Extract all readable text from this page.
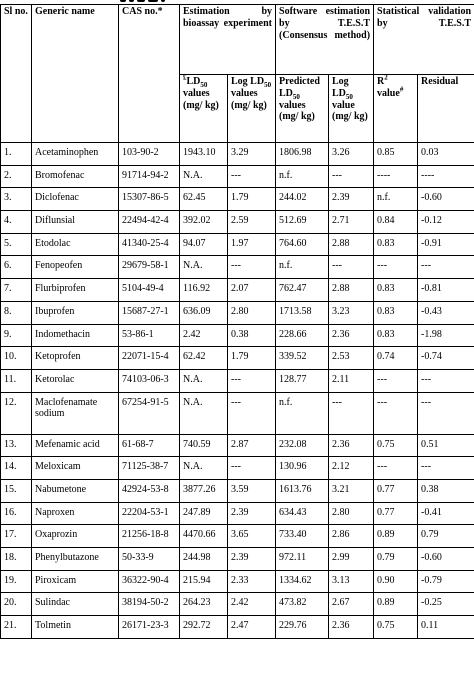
Sl no.	Generic name	CAS no.*	Estimation by bioassay experiment		Software estimation by T.E.S.T (Consensus method)		Statistical validation by T.E.S.T	
			$^£LD_{50}$ values (mg/ kg)	Log $LD_{50}$ values (mg/ kg)	Predicted $LD_{50}$ values (mg/ kg)	Log $LD_{50}$ value (mg/ kg)	$R^2$ value#	Residual
1.	Acetaminophen	103-90-2	1943.10	3.29	1806.98	3.26	0.85	0.03
2.	Bromofenac	91714-94-2	N.A.	---	n.f.	---	----	----
3.	Diclofenac	15307-86-5	62.45	1.79	244.02	2.39	n.f.	-0.60
4.	Diflunsial	22494-42-4	392.02	2.59	512.69	2.71	0.84	-0.12
5.	Etodolac	41340-25-4	94.07	1.97	764.60	2.88	0.83	-0.91
6.	Fenopeofen	29679-58-1	N.A.	---	n.f.	---	---	---
7.	Flurbiprofen	5104-49-4	116.92	2.07	762.47	2.88	0.83	-0.81
8.	Ibuprofen	15687-27-1	636.09	2.80	1713.58	3.23	0.83	-0.43
9.	Indomethacin	53-86-1	2.42	0.38	228.66	2.36	0.83	-1.98
10.	Ketoprofen	22071-15-4	62.42	1.79	339.52	2.53	0.74	-0.74
11.	Ketorolac	74103-06-3	N.A.	---	128.77	2.11	---	---
12.	Maclofenamate sodium	67254-91-5	N.A.	---	n.f.	---	---	---
13.	Mefenamic acid	61-68-7	740.59	2.87	232.08	2.36	0.75	0.51
14.	Meloxicam	71125-38-7	N.A.	---	130.96	2.12	---	---
15.	Nabumetone	42924-53-8	3877.26	3.59	1613.76	3.21	0.77	0.38
16.	Naproxen	22204-53-1	247.89	2.39	634.43	2.80	0.77	-0.41
17.	Oxaprozin	21256-18-8	4470.66	3.65	733.40	2.86	0.89	0.79
18.	Phenylbutazone	50-33-9	244.98	2.39	972.11	2.99	0.79	-0.60
19.	Piroxicam	36322-90-4	215.94	2.33	1334.62	3.13	0.90	-0.79
20.	Sulindac	38194-50-2	264.23	2.42	473.82	2.67	0.89	-0.25
21.	Tolmetin	26171-23-3	292.72	2.47	229.76	2.36	0.75	0.11
